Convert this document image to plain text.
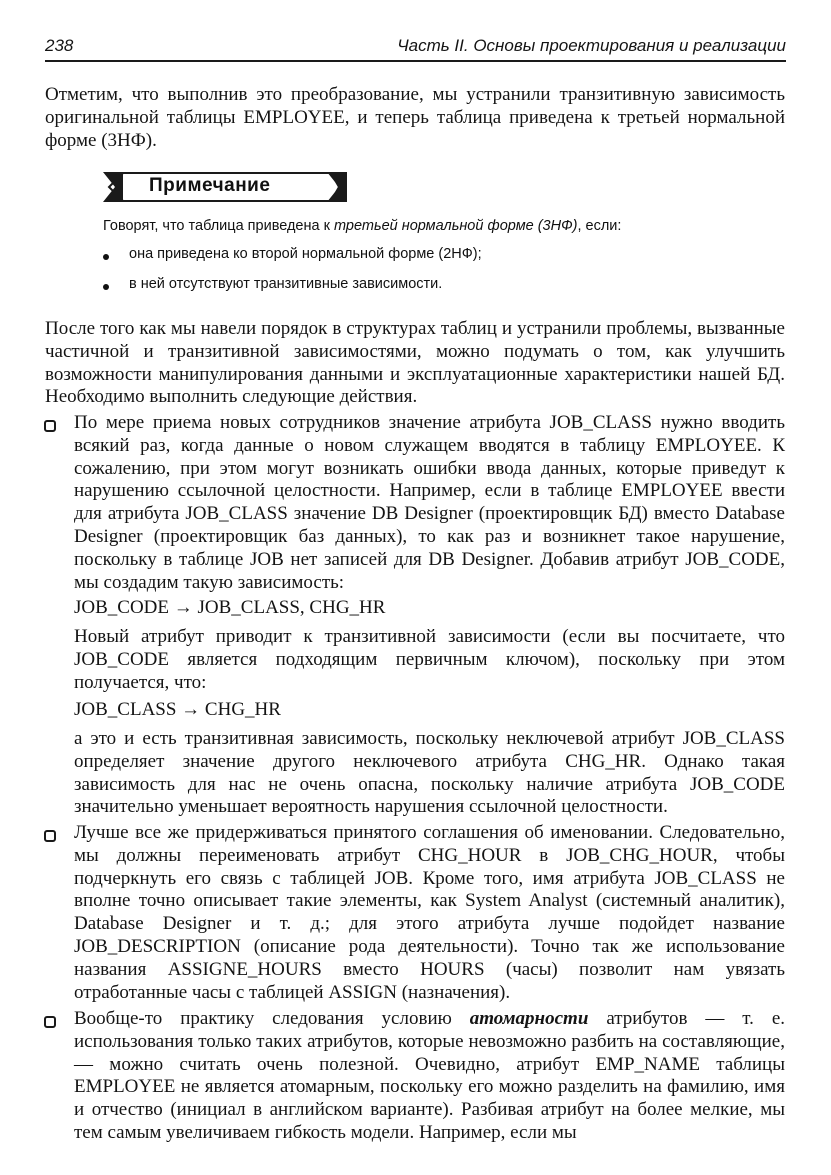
238	Часть II. Основы проектирования и реализации

Отметим, что выполнив это преобразование, мы устранили транзитивную зависимость оригинальной таблицы EMPLOYEE, и теперь таблица приведена к третьей нормальной форме (3НФ).

Примечание
Говорят, что таблица приведена к третьей нормальной форме (3НФ), если:
она приведена ко второй нормальной форме (2НФ);
в ней отсутствуют транзитивные зависимости.

После того как мы навели порядок в структурах таблиц и устранили проблемы, вызванные частичной и транзитивной зависимостями, можно подумать о том, как улучшить возможности манипулирования данными и эксплуатационные характеристики нашей БД. Необходимо выполнить следующие действия.

По мере приема новых сотрудников значение атрибута JOB_CLASS нужно вводить всякий раз, когда данные о новом служащем вводятся в таблицу EMPLOYEE. К сожалению, при этом могут возникать ошибки ввода данных, которые приведут к нарушению ссылочной целостности. Например, если в таблице EMPLOYEE ввести для атрибута JOB_CLASS значение DB Designer (проектировщик БД) вместо Database Designer (проектировщик баз данных), то как раз и возникнет такое нарушение, поскольку в таблице JOB нет записей для DB Designer. Добавив атрибут JOB_CODE, мы создадим такую зависимость:

JOB_CODE → JOB_CLASS, CHG_HR

Новый атрибут приводит к транзитивной зависимости (если вы посчитаете, что JOB_CODE является подходящим первичным ключом), поскольку при этом получается, что:

JOB_CLASS → CHG_HR

а это и есть транзитивная зависимость, поскольку неключевой атрибут JOB_CLASS определяет значение другого неключевого атрибута CHG_HR. Однако такая зависимость для нас не очень опасна, поскольку наличие атрибута JOB_CODE значительно уменьшает вероятность нарушения ссылочной целостности.

Лучше все же придерживаться принятого соглашения об именовании. Следовательно, мы должны переименовать атрибут CHG_HOUR в JOB_CHG_HOUR, чтобы подчеркнуть его связь с таблицей JOB. Кроме того, имя атрибута JOB_CLASS не вполне точно описывает такие элементы, как System Analyst (системный аналитик), Database Designer и т. д.; для этого атрибута лучше подойдет название JOB_DESCRIPTION (описание рода деятельности). Точно так же использование названия ASSIGNE_HOURS вместо HOURS (часы) позволит нам увязать отработанные часы с таблицей ASSIGN (назначения).

Вообще-то практику следования условию атомарности атрибутов — т. е. использования только таких атрибутов, которые невозможно разбить на составляющие, — можно считать очень полезной. Очевидно, атрибут EMP_NAME таблицы EMPLOYEE не является атомарным, поскольку его можно разделить на фамилию, имя и отчество (инициал в английском варианте). Разбивая атрибут на более мелкие, мы тем самым увеличиваем гибкость модели. Например, если мы
